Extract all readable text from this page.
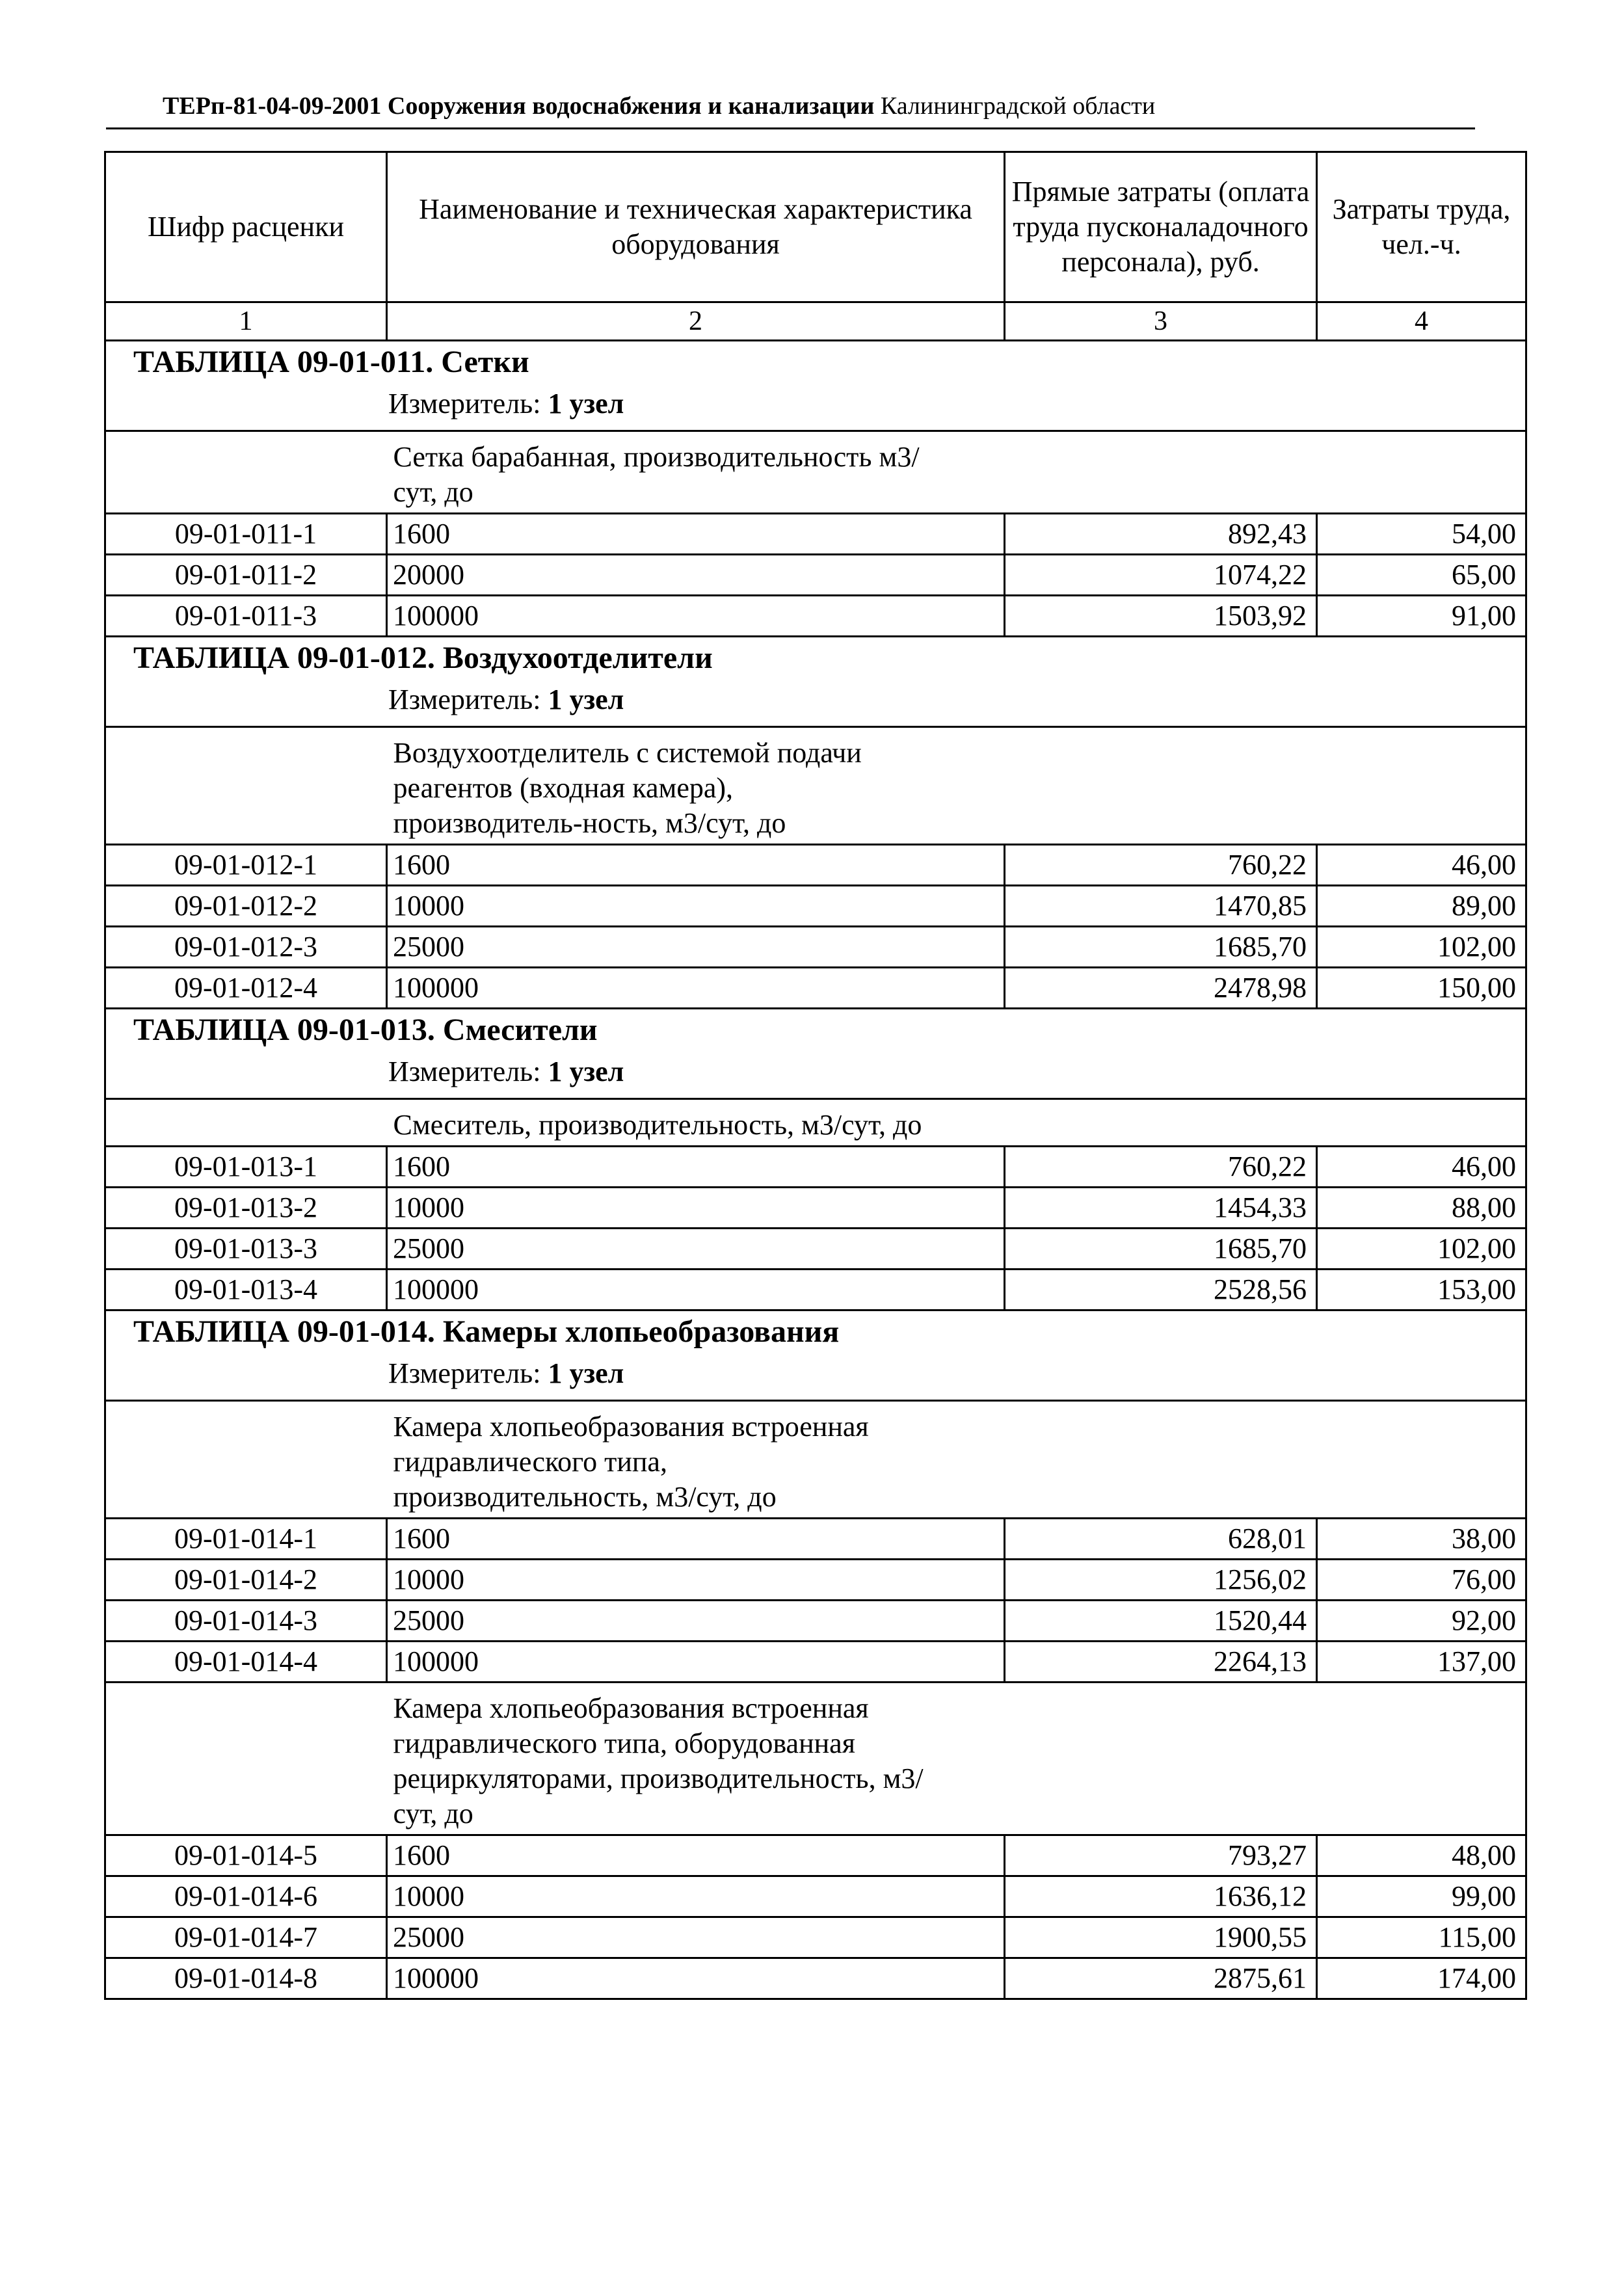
ТЕРп-81-04-09-2001 Сооружения водоснабжения и канализации Калининградской области
Шифр расценки	Наименование и техническая характеристика оборудования	Прямые затраты (оплата труда пусконаладочного персонала), руб.	Затраты труда, чел.-ч.
1	2	3	4

ТАБЛИЦА 09-01-011. Сетки
Измеритель: 1 узел			

	Сетка барабанная, производительность м3/сут, до		

09-01-011-1	1600	892,43	54,00
09-01-011-2	20000	1074,22	65,00
09-01-011-3	100000	1503,92	91,00

ТАБЛИЦА 09-01-012. Воздухоотделители
Измеритель: 1 узел			

	Воздухоотделитель с системой подачи реагентов (входная камера), производитель-ность, м3/сут, до		

09-01-012-1	1600	760,22	46,00
09-01-012-2	10000	1470,85	89,00
09-01-012-3	25000	1685,70	102,00
09-01-012-4	100000	2478,98	150,00

ТАБЛИЦА 09-01-013. Смесители
Измеритель: 1 узел			

	Смеситель, производительность, м3/сут, до		

09-01-013-1	1600	760,22	46,00
09-01-013-2	10000	1454,33	88,00
09-01-013-3	25000	1685,70	102,00
09-01-013-4	100000	2528,56	153,00

ТАБЛИЦА 09-01-014. Камеры хлопьеобразования
Измеритель: 1 узел			

	Камера хлопьеобразования встроенная гидравлического типа, производительность, м3/сут, до		

09-01-014-1	1600	628,01	38,00
09-01-014-2	10000	1256,02	76,00
09-01-014-3	25000	1520,44	92,00
09-01-014-4	100000	2264,13	137,00

	Камера хлопьеобразования встроенная гидравлического типа, оборудованная рециркуляторами, производительность, м3/сут, до		

09-01-014-5	1600	793,27	48,00
09-01-014-6	10000	1636,12	99,00
09-01-014-7	25000	1900,55	115,00
09-01-014-8	100000	2875,61	174,00
